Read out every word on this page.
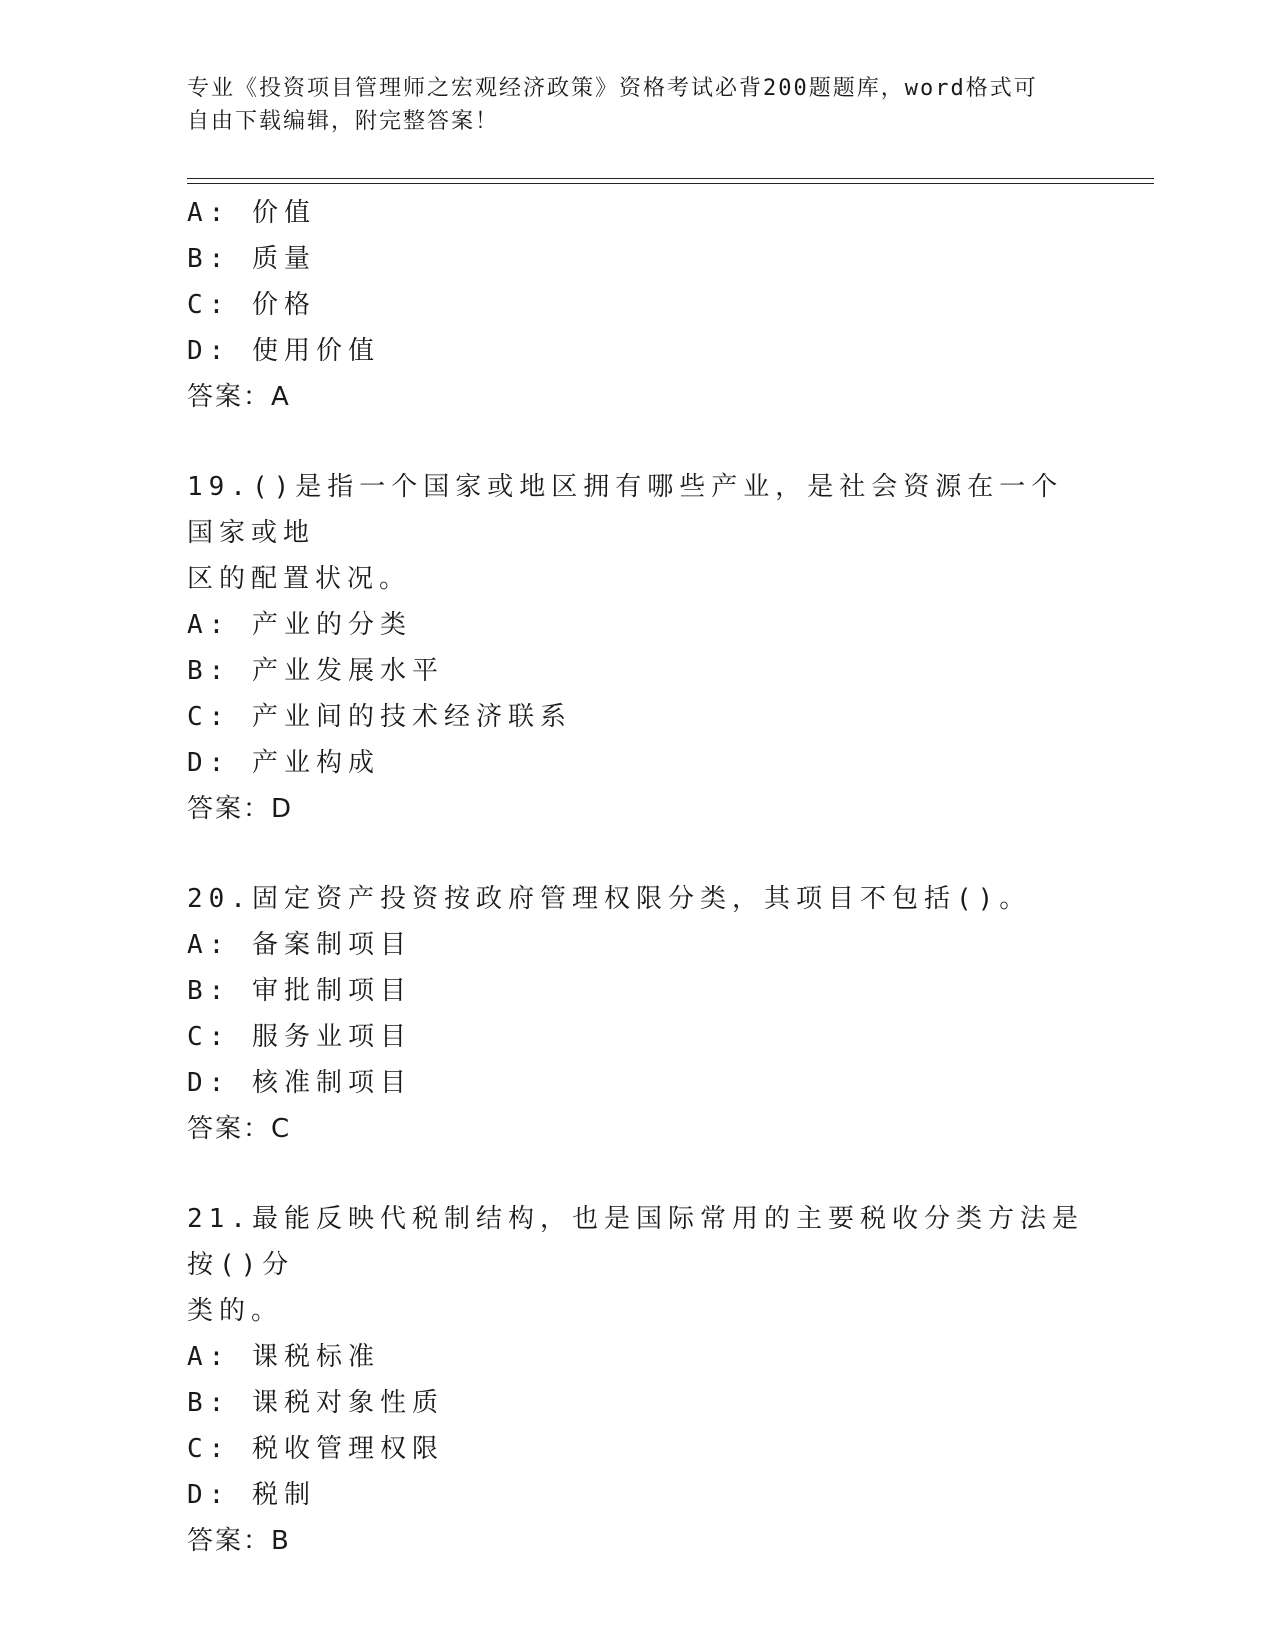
专业《投资项目管理师之宏观经济政策》资格考试必背200题题库，word格式可
自由下载编辑，附完整答案！
A: 价值
B: 质量
C: 价格
D: 使用价值
答案：A
19.()是指一个国家或地区拥有哪些产业，是社会资源在一个国家或地
区的配置状况。
A: 产业的分类
B: 产业发展水平
C: 产业间的技术经济联系
D: 产业构成
答案：D
20.固定资产投资按政府管理权限分类，其项目不包括()。
A: 备案制项目
B: 审批制项目
C: 服务业项目
D: 核准制项目
答案：C
21.最能反映代税制结构，也是国际常用的主要税收分类方法是按()分
类的。
A: 课税标准
B: 课税对象性质
C: 税收管理权限
D: 税制
答案：B
